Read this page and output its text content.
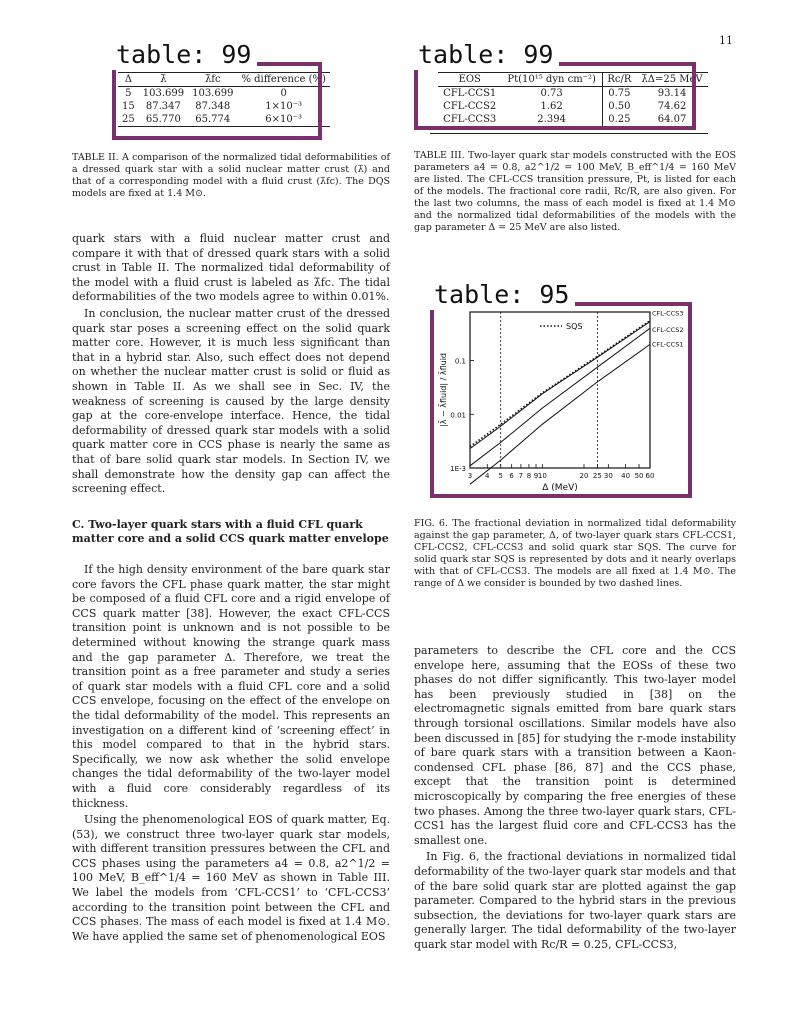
11
Δ	λ̄	λ̄fc	% difference (%)
5	103.699	103.699	0
15	87.347	87.348	1×10⁻³
25	65.770	65.774	6×10⁻³
table: 99
TABLE II. A comparison of the normalized tidal deformabilities of a dressed quark star with a solid nuclear matter crust (λ̄) and that of a corresponding model with a fluid crust (λ̄fc). The DQS models are fixed at 1.4 M⊙.
EOS	Pt(10¹⁵ dyn cm⁻²)	Rc/R	λ̄Δ=25 MeV
CFL-CCS1	0.73	0.75	93.14
CFL-CCS2	1.62	0.50	74.62
CFL-CCS3	2.394	0.25	64.07
table: 99
TABLE III. Two-layer quark star models constructed with the EOS parameters a4 = 0.8, a2^1/2 = 100 MeV, B_eff^1/4 = 160 MeV are listed. The CFL-CCS transition pressure, Pt, is listed for each of the models. The fractional core radii, Rc/R, are also given. For the last two columns, the mass of each model is fixed at 1.4 M⊙ and the normalized tidal deformabilities of the models with the gap parameter Δ = 25 MeV are also listed.

quark stars with a fluid nuclear matter crust and compare it with that of dressed quark stars with a solid crust in Table II. The normalized tidal deformability of the model with a fluid crust is labeled as λ̄fc. The tidal deformabilities of the two models agree to within 0.01%.

In conclusion, the nuclear matter crust of the dressed quark star poses a screening effect on the solid quark matter core. However, it is much less significant than that in a hybrid star. Also, such effect does not depend on whether the nuclear matter crust is solid or fluid as shown in Table II. As we shall see in Sec. IV, the weakness of screening is caused by the large density gap at the core-envelope interface. Hence, the tidal deformability of dressed quark star models with a solid quark matter core in CCS phase is nearly the same as that of bare solid quark star models. In Section IV, we shall demonstrate how the density gap can affect the screening effect.

C. Two-layer quark stars with a fluid CFL quark matter core and a solid CCS quark matter envelope

If the high density environment of the bare quark star core favors the CFL phase quark matter, the star might be composed of a fluid CFL core and a rigid envelope of CCS quark matter [38]. However, the exact CFL-CCS transition point is unknown and is not possible to be determined without knowing the strange quark mass and the gap parameter Δ. Therefore, we treat the transition point as a free parameter and study a series of quark star models with a fluid CFL core and a solid CCS envelope, focusing on the effect of the envelope on the tidal deformability of the model. This represents an investigation on a different kind of ‘screening effect’ in this model compared to that in the hybrid stars. Specifically, we now ask whether the solid envelope changes the tidal deformability of the two-layer model with a fluid core considerably regardless of its thickness.

Using the phenomenological EOS of quark matter, Eq. (53), we construct three two-layer quark star models, with different transition pressures between the CFL and CCS phases using the parameters a4 = 0.8, a2^1/2 = 100 MeV, B_eff^1/4 = 160 MeV as shown in Table III. We label the models from ‘CFL-CCS1’ to ‘CFL-CCS3’ according to the transition point between the CFL and CCS phases. The mass of each model is fixed at 1.4 M⊙. We have applied the same set of phenomenological EOS

3 4 5 6 7 8 9 10	20 25 30 40 50 60
1E-3
0.01
0.1
CFL-CCS3
CFL-CCS2
CFL-CCS1
SQS
Δ (MeV)
|λ̄ − λ̄fluid| / λ̄fluid
table: 95
FIG. 6. The fractional deviation in normalized tidal deformability against the gap parameter, Δ, of two-layer quark stars CFL-CCS1, CFL-CCS2, CFL-CCS3 and solid quark star SQS. The curve for solid quark star SQS is represented by dots and it nearly overlaps with that of CFL-CCS3. The models are all fixed at 1.4 M⊙. The range of Δ we consider is bounded by two dashed lines.

parameters to describe the CFL core and the CCS envelope here, assuming that the EOSs of these two phases do not differ significantly. This two-layer model has been previously studied in [38] on the electromagnetic signals emitted from bare quark stars through torsional oscillations. Similar models have also been discussed in [85] for studying the r-mode instability of bare quark stars with a transition between a Kaon-condensed CFL phase [86, 87] and the CCS phase, except that the transition point is determined microscopically by comparing the free energies of these two phases. Among the three two-layer quark stars, CFL-CCS1 has the largest fluid core and CFL-CCS3 has the smallest one.

In Fig. 6, the fractional deviations in normalized tidal deformability of the two-layer quark star models and that of the bare solid quark star are plotted against the gap parameter. Compared to the hybrid stars in the previous subsection, the deviations for two-layer quark stars are generally larger. The tidal deformability of the two-layer quark star model with Rc/R = 0.25, CFL-CCS3,
